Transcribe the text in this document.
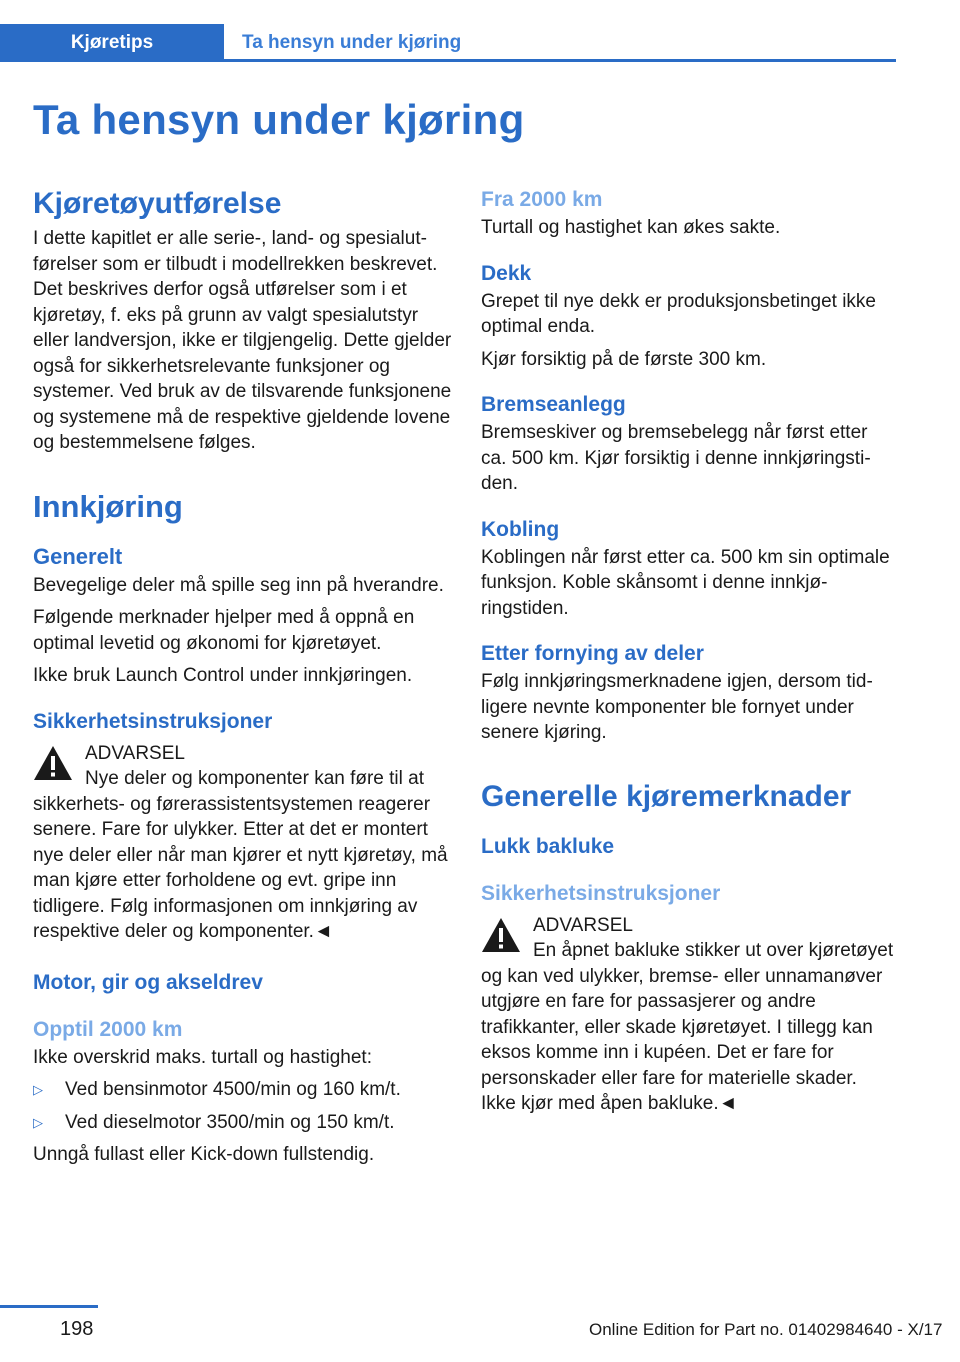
Kjøretips	Ta hensyn under kjøring
Ta hensyn under kjøring
Kjøretøyutførelse

I dette kapitlet er alle serie-, land- og spesialutførelser som er tilbudt i modellrekken beskrevet. Det beskrives derfor også utførelser som i et kjøretøy, f. eks på grunn av valgt spesialutstyr eller landversjon, ikke er tilgjengelig. Dette gjelder også for sikkerhetsrelevante funksjoner og systemer. Ved bruk av de tilsvarende funksjonene og systemene må de respektive gjeldende lovene og bestemmelsene følges.

Innkjøring
Generelt

Bevegelige deler må spille seg inn på hverandre.

Følgende merknader hjelper med å oppnå en optimal levetid og økonomi for kjøretøyet.

Ikke bruk Launch Control under innkjøringen.

Sikkerhetsinstruksjoner
ADVARSEL
Nye deler og komponenter kan føre til at sikkerhets- og førerassistentsystemen reagerer senere. Fare for ulykker. Etter at det er montert nye deler eller når man kjører et nytt kjøretøy, må man kjøre etter forholdene og evt. gripe inn tidligere. Følg informasjonen om innkjøring av respektive deler og komponenter.◄
Motor, gir og akseldrev
Opptil 2000 km

Ikke overskrid maks. turtall og hastighet:

▷ Ved bensinmotor 4500/min og 160 km/t.
▷ Ved dieselmotor 3500/min og 150 km/t.

Unngå fullast eller Kick-down fullstendig.

Fra 2000 km

Turtall og hastighet kan økes sakte.

Dekk

Grepet til nye dekk er produksjonsbetinget ikke optimal enda.

Kjør forsiktig på de første 300 km.

Bremseanlegg

Bremseskiver og bremsebelegg når først etter ca. 500 km. Kjør forsiktig i denne innkjøringstiden.

Kobling

Koblingen når først etter ca. 500 km sin optimale funksjon. Koble skånsomt i denne innkjøringstiden.

Etter fornying av deler

Følg innkjøringsmerknadene igjen, dersom tidligere nevnte komponenter ble fornyet under senere kjøring.

Generelle kjøremerknader
Lukk bakluke
Sikkerhetsinstruksjoner
ADVARSEL
En åpnet bakluke stikker ut over kjøretøyet og kan ved ulykker, bremse- eller unnamanøver utgjøre en fare for passasjerer og andre trafikkanter, eller skade kjøretøyet. I tillegg kan eksos komme inn i kupéen. Det er fare for personskader eller fare for materielle skader. Ikke kjør med åpen bakluke.◄
198	Online Edition for Part no. 01402984640 - X/17
